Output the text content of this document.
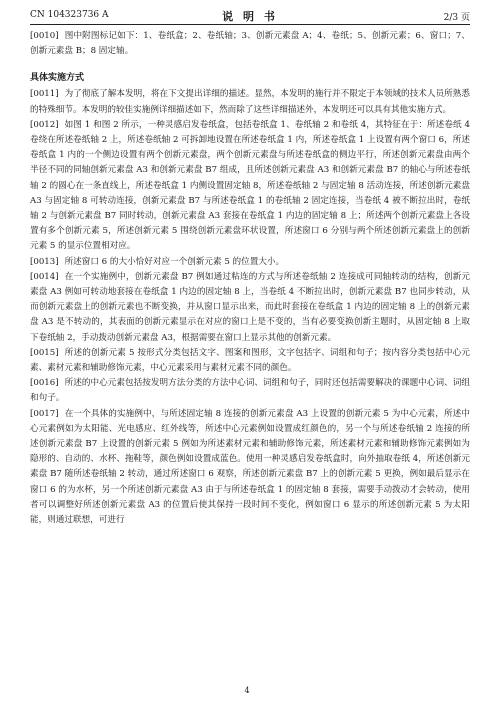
CN 104323736 A	说 明 书	2/3 页

[0010] 图中附图标记如下：1、卷纸盒；2、卷纸轴；3、创新元素盘 A；4、卷纸；5、创新元素；6、窗口；7、创新元素盘 B；8 固定轴。

具体实施方式

[0011] 为了彻底了解本发明，将在下文提出详细的描述。显然，本发明的施行并不限定于本领域的技术人员所熟悉的特殊细节。本发明的较佳实施例详细描述如下，然而除了这些详细描述外，本发明还可以具有其他实施方式。

[0012] 如图 1 和图 2 所示，一种灵感启发卷纸盒，包括卷纸盒 1、卷纸轴 2 和卷纸 4，其特征在于：所述卷纸 4 卷绕在所述卷纸轴 2 上，所述卷纸轴 2 可拆卸地设置在所述卷纸盒 1 内，所述卷纸盒 1 上设置有两个窗口 6，所述卷纸盒 1 内的一个侧边设置有两个创新元素盘，两个创新元素盘与所述卷纸盒的侧边平行，所述创新元素盘由两个半径不同的同轴创新元素盘 A3 和创新元素盘 B7 组成，且所述创新元素盘 A3 和创新元素盘 B7 的轴心与所述卷纸轴 2 的圆心在一条直线上，所述卷纸盒 1 内侧设置固定轴 8，所述卷纸轴 2 与固定轴 8 活动连接，所述创新元素盘 A3 与固定轴 8 可转动连接，创新元素盘 B7 与所述卷纸盒 1 的卷纸轴 2 固定连接，当卷纸 4 被不断拉出时，卷纸轴 2 与创新元素盘 B7 同时转动，创新元素盘 A3 套接在卷纸盒 1 内边的固定轴 8 上；所述两个创新元素盘上各设置有多个创新元素 5，所述创新元素 5 围绕创新元素盘环状设置，所述窗口 6 分别与两个所述创新元素盘上的创新元素 5 的显示位置相对应。

[0013] 所述窗口 6 的大小恰好对应一个创新元素 5 的位置大小。

[0014] 在一个实施例中，创新元素盘 B7 例如通过粘连的方式与所述卷纸轴 2 连接成可同轴转动的结构，创新元素盘 A3 例如可转动地套接在卷纸盒 1 内边的固定轴 8 上，当卷纸 4 不断拉出时，创新元素盘 B7 也同步转动，从而创新元素盘上的创新元素也不断变换，并从窗口显示出来，而此时套接在卷纸盒 1 内边的固定轴 8 上的创新元素盘 A3 是不转动的，其表面的创新元素显示在对应的窗口上是不变的，当有必要变换创新主题时，从固定轴 8 上取下卷纸轴 2，手动拨动创新元素盘 A3，根据需要在窗口上显示其他的创新元素。

[0015] 所述的创新元素 5 按形式分类包括文字、图案和图形，文字包括字、词组和句子；按内容分类包括中心元素、素材元素和辅助修饰元素，中心元素采用与素材元素不同的颜色。

[0016] 所述的中心元素包括按发明方法分类的方法中心词、词组和句子，同时还包括需要解决的课题中心词、词组和句子。

[0017] 在一个具体的实施例中，与所述固定轴 8 连接的创新元素盘 A3 上设置的创新元素 5 为中心元素，所述中心元素例如为太阳能、光电感应、红外线等，所述中心元素例如设置成红颜色的，另一个与所述卷纸轴 2 连接的所述创新元素盘 B7 上设置的创新元素 5 例如为所述素材元素和辅助修饰元素，所述素材元素和辅助修饰元素例如为隐形的、自动的、水杯、拖鞋等，颜色例如设置成蓝色。使用一种灵感启发卷纸盒时，向外抽取卷纸 4，所述创新元素盘 B7 随所述卷纸轴 2 转动，通过所述窗口 6 观察，所述创新元素盘 B7 上的创新元素 5 更换，例如最后显示在窗口 6 的为水杯，另一个所述创新元素盘 A3 由于与所述卷纸盒 1 的固定轴 8 套接，需要手动拨动才会转动，使用者可以调整好所述创新元素盘 A3 的位置后使其保持一段时间不变化，例如窗口 6 显示的所述创新元素 5 为太阳能，则通过联想，可进行

4
